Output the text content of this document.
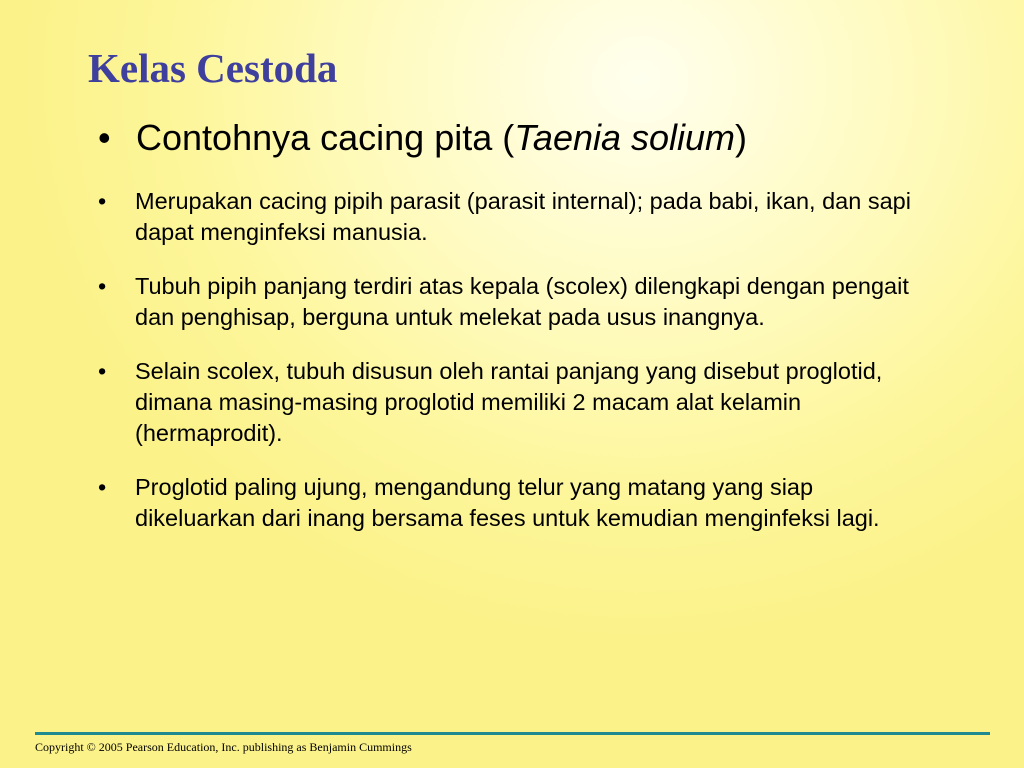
Kelas Cestoda
• Contohnya cacing pita (Taenia solium)
• Merupakan cacing pipih parasit (parasit internal); pada babi, ikan, dan sapi dapat menginfeksi manusia.
• Tubuh pipih panjang terdiri atas kepala (scolex) dilengkapi dengan pengait dan penghisap, berguna untuk melekat pada usus inangnya.
• Selain scolex, tubuh disusun oleh rantai panjang yang disebut proglotid, dimana masing-masing proglotid memiliki 2 macam alat kelamin (hermaprodit).
• Proglotid paling ujung, mengandung telur yang matang yang siap dikeluarkan dari inang bersama feses untuk kemudian menginfeksi lagi.
Copyright © 2005 Pearson Education, Inc. publishing as Benjamin Cummings
